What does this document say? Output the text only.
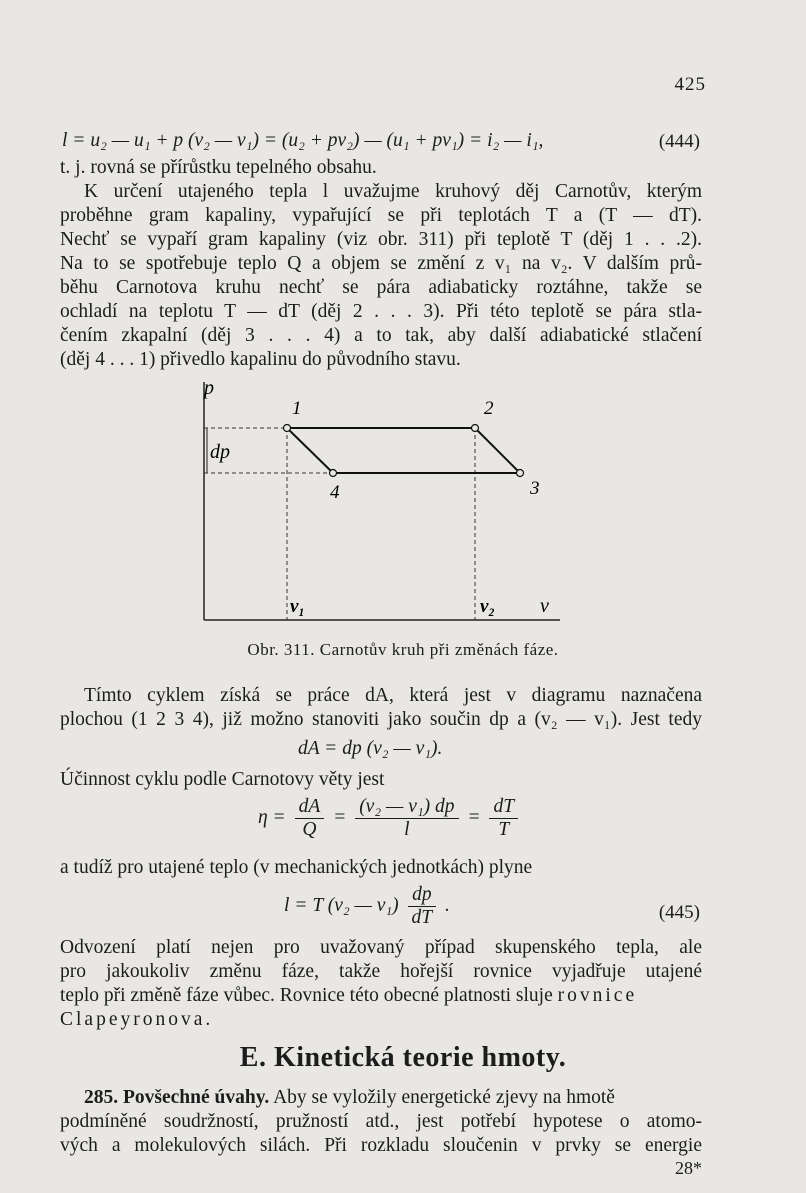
425
l = u₂ — u₁ + p (v₂ — v₁) = (u₂ + pv₂) — (u₁ + pv₁) = i₂ — i₁,	(444)
t. j. rovná se přírůstku tepelného obsahu.
K určení utajeného tepla l uvažujme kruhový děj Carnotův, kterým
proběhne gram kapaliny, vypařující se při teplotách T a (T — dT).
Nechť se vypaří gram kapaliny (viz obr. 311) při teplotě T (děj 1 . . .2).
Na to se spotřebuje teplo Q a objem se změní z v₁ na v₂. V dalším prů-
běhu Carnotova kruhu nechť se pára adiabaticky roztáhne, takže se
ochladí na teplotu T — dT (děj 2 . . . 3). Při této teplotě se pára stla-
čením zkapalní (děj 3 . . . 4) a to tak, aby další adiabatické stlačení
(děj 4 . . . 1) přivedlo kapalinu do původního stavu.
p
v
dp
1	2
3
4
v₁	v₂
Obr. 311. Carnotův kruh při změnách fáze.
Tímto cyklem získá se práce dA, která jest v diagramu naznačena
plochou (1 2 3 4), již možno stanoviti jako součin dp a (v₂ — v₁). Jest tedy
dA = dp (v₂ — v₁).
Účinnost cyklu podle Carnotovy věty jest
$\eta = \frac{dA}{Q} = \frac{\text{(v₂ — v₁) dp}}{l} = \frac{dT}{T}$
a tudíž pro utajené teplo (v mechanických jednotkách) plyne
l = T (v₂ — $v_1) \frac{dp}{dT}$ .	(445)
Odvození platí nejen pro uvažovaný případ skupenského tepla, ale
pro jakoukoliv změnu fáze, takže hořejší rovnice vyjadřuje utajené
teplo při změně fáze vůbec. Rovnice této obecné platnosti sluje rovnice
Clapeyronova.
E. Kinetická teorie hmoty.
285. Povšechné úvahy. Aby se vyložily energetické zjevy na hmotě
podmíněné soudržností, pružností atd., jest potřebí hypotese o atomo-
vých a molekulových silách. Při rozkladu sloučenin v prvky se energie
28*
